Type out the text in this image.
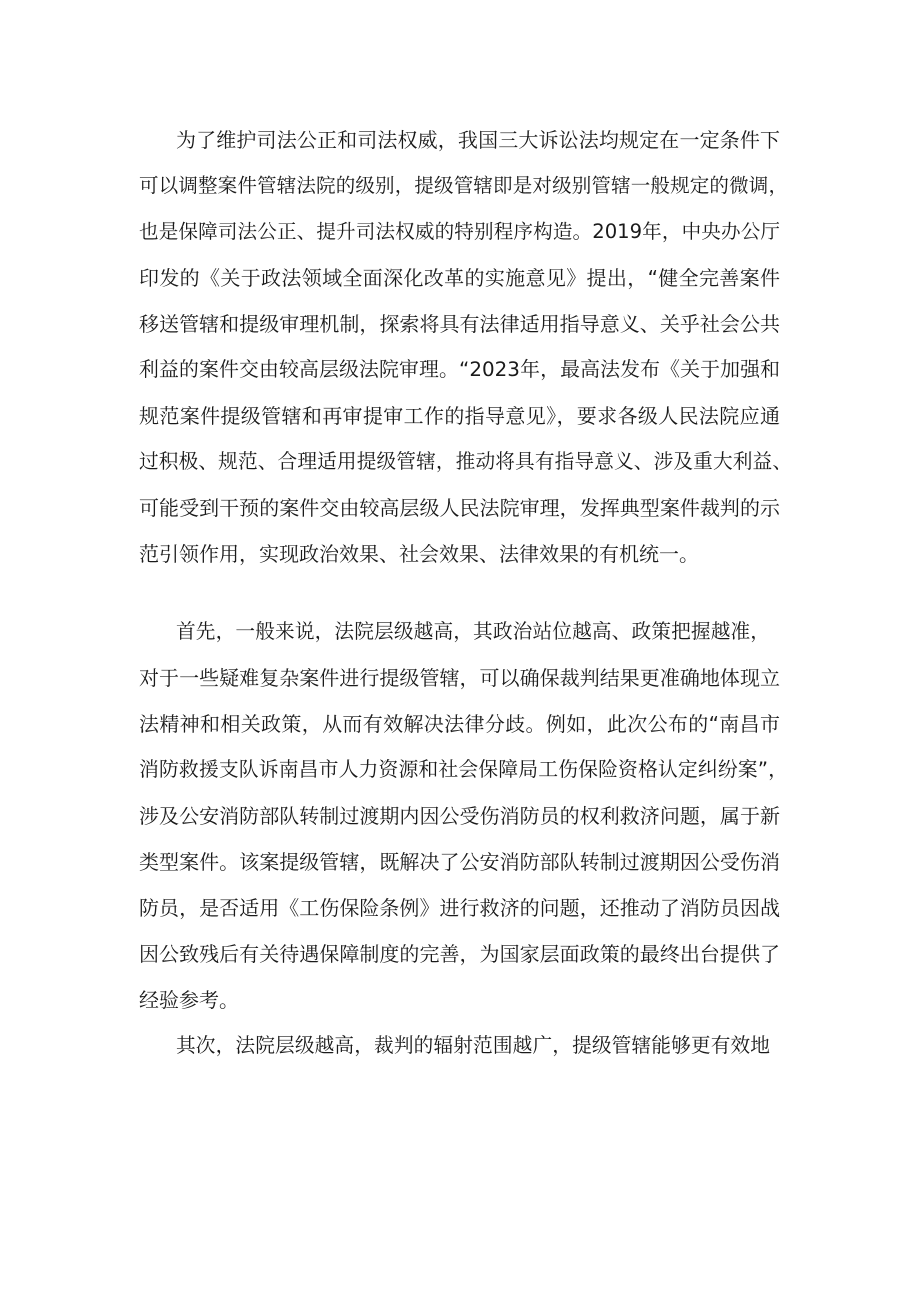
为了维护司法公正和司法权威，我国三大诉讼法均规定在一定条件下
可以调整案件管辖法院的级别，提级管辖即是对级别管辖一般规定的微调，
也是保障司法公正、提升司法权威的特别程序构造。2019年，中央办公厅
印发的《关于政法领域全面深化改革的实施意见》提出，“健全完善案件
移送管辖和提级审理机制，探索将具有法律适用指导意义、关乎社会公共
利益的案件交由较高层级法院审理。“2023年，最高法发布《关于加强和
规范案件提级管辖和再审提审工作的指导意见》，要求各级人民法院应通
过积极、规范、合理适用提级管辖，推动将具有指导意义、涉及重大利益、
可能受到干预的案件交由较高层级人民法院审理，发挥典型案件裁判的示
范引领作用，实现政治效果、社会效果、法律效果的有机统一。
首先，一般来说，法院层级越高，其政治站位越高、政策把握越准，
对于一些疑难复杂案件进行提级管辖，可以确保裁判结果更准确地体现立
法精神和相关政策，从而有效解决法律分歧。例如，此次公布的“南昌市
消防救援支队诉南昌市人力资源和社会保障局工伤保险资格认定纠纷案”，
涉及公安消防部队转制过渡期内因公受伤消防员的权利救济问题，属于新
类型案件。该案提级管辖，既解决了公安消防部队转制过渡期因公受伤消
防员，是否适用《工伤保险条例》进行救济的问题，还推动了消防员因战
因公致残后有关待遇保障制度的完善，为国家层面政策的最终出台提供了
经验参考。
其次，法院层级越高，裁判的辐射范围越广，提级管辖能够更有效地
